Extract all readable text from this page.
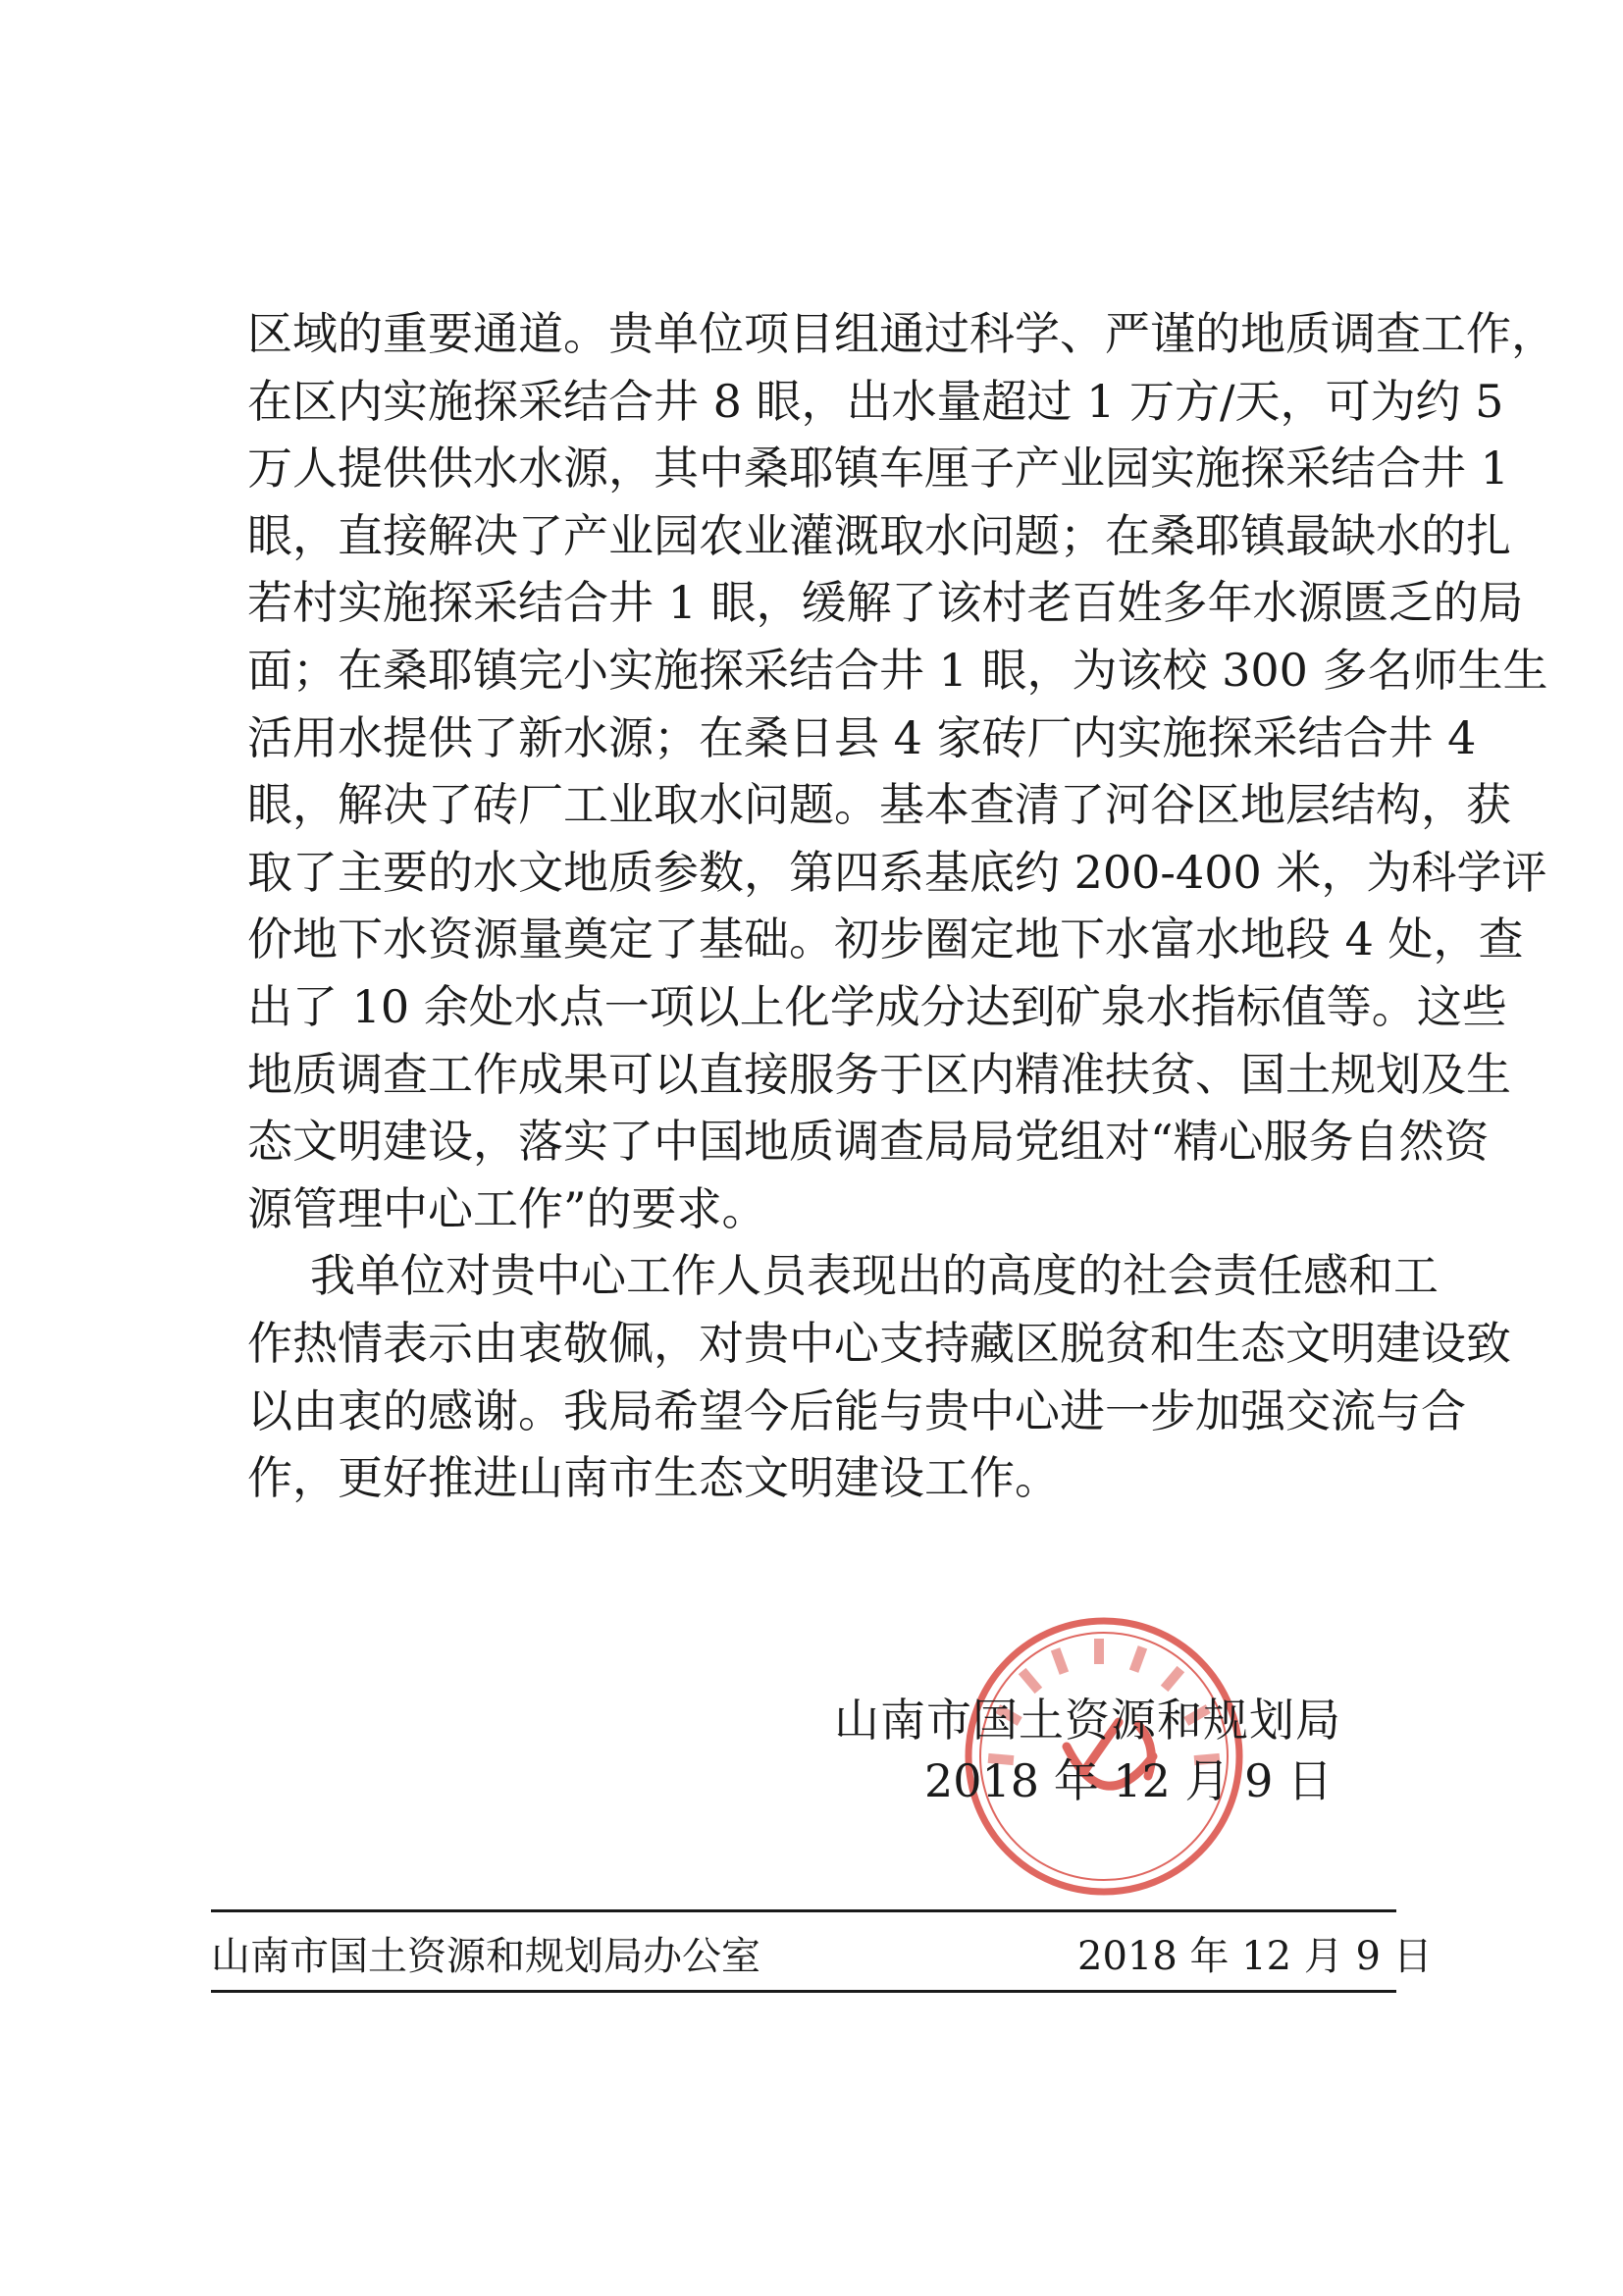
区域的重要通道。贵单位项目组通过科学、严谨的地质调查工作，
在区内实施探采结合井 8 眼，出水量超过 1 万方/天，可为约 5
万人提供供水水源，其中桑耶镇车厘子产业园实施探采结合井 1
眼，直接解决了产业园农业灌溉取水问题；在桑耶镇最缺水的扎
若村实施探采结合井 1 眼，缓解了该村老百姓多年水源匮乏的局
面；在桑耶镇完小实施探采结合井 1 眼，为该校 300 多名师生生
活用水提供了新水源；在桑日县 4 家砖厂内实施探采结合井 4
眼，解决了砖厂工业取水问题。基本查清了河谷区地层结构，获
取了主要的水文地质参数，第四系基底约 200-400 米，为科学评
价地下水资源量奠定了基础。初步圈定地下水富水地段 4 处，查
出了 10 余处水点一项以上化学成分达到矿泉水指标值等。这些
地质调查工作成果可以直接服务于区内精准扶贫、国土规划及生
态文明建设，落实了中国地质调查局局党组对“精心服务自然资
源管理中心工作”的要求。
我单位对贵中心工作人员表现出的高度的社会责任感和工
作热情表示由衷敬佩，对贵中心支持藏区脱贫和生态文明建设致
以由衷的感谢。我局希望今后能与贵中心进一步加强交流与合
作，更好推进山南市生态文明建设工作。
山南市国土资源和规划局
2018 年 12 月 9 日
山南市国土资源和规划局办公室	2018 年 12 月 9 日
